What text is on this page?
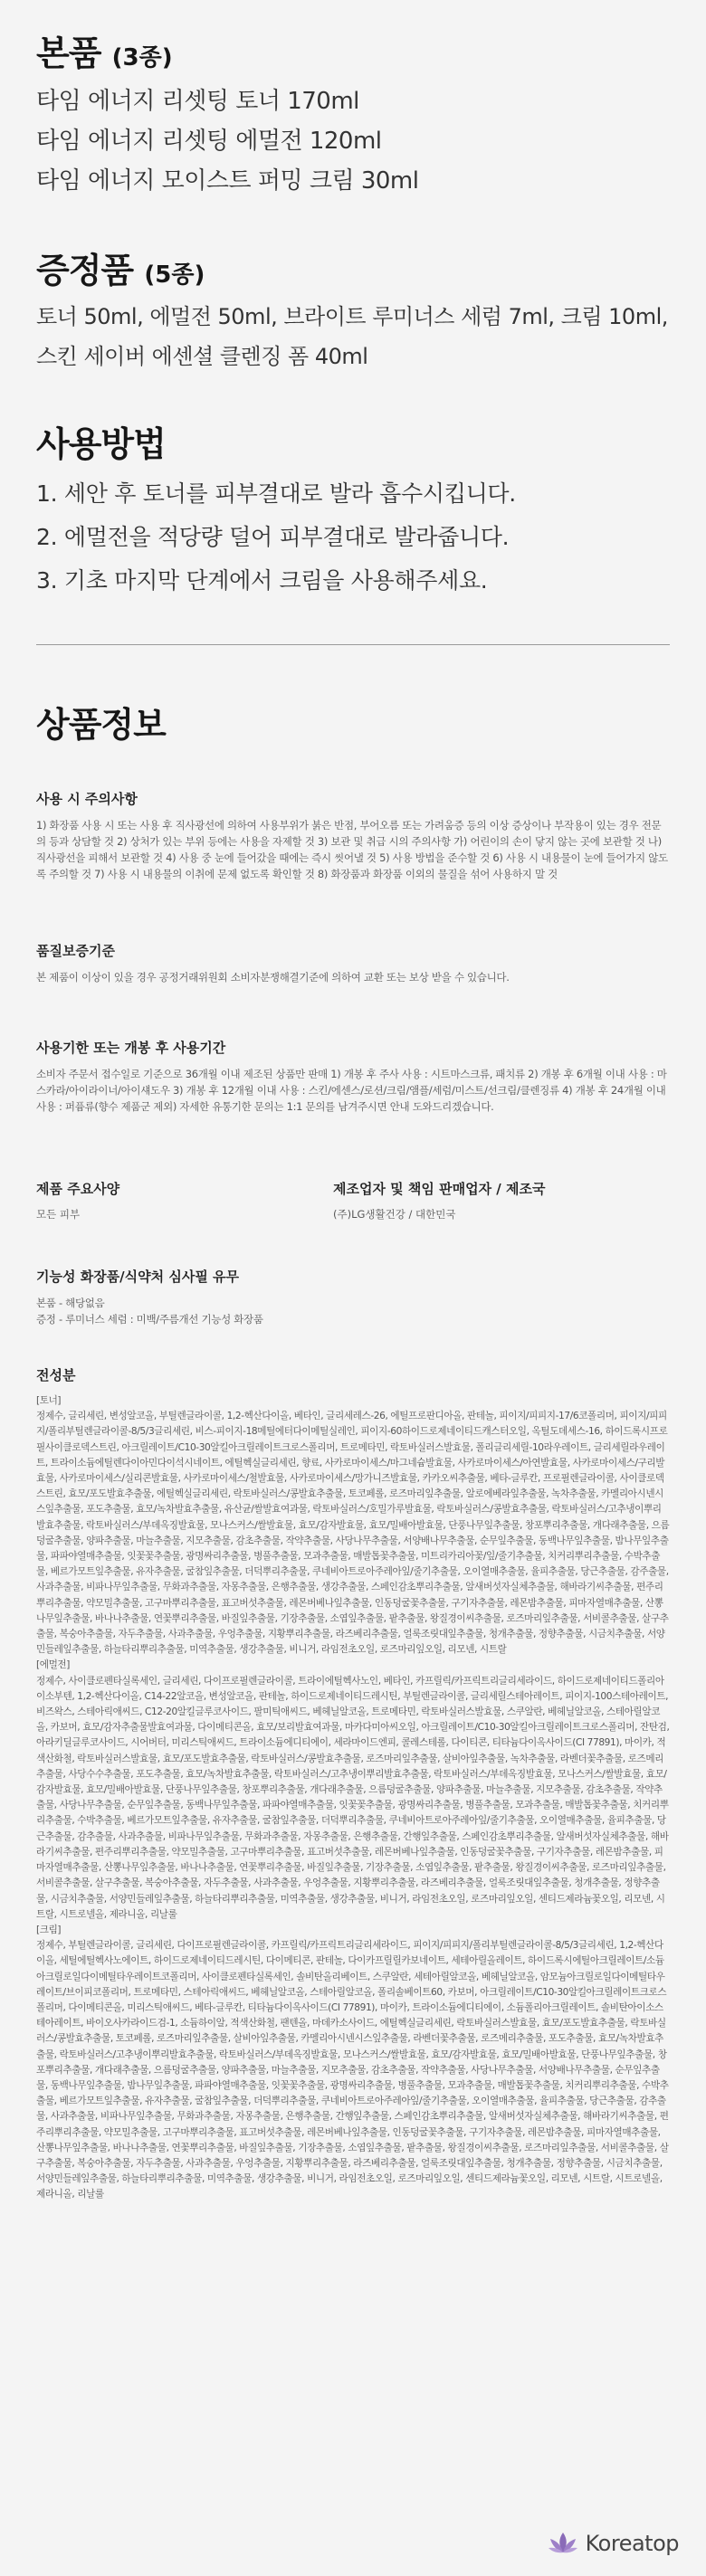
본품 (3종)
타임 에너지 리셋팅 토너 170ml
타임 에너지 리셋팅 에멀전 120ml
타임 에너지 모이스트 퍼밍 크림 30ml
증정품 (5종)
토너 50ml, 에멀전 50ml, 브라이트 루미너스 세럼 7ml, 크림 10ml, 스킨 세이버 에센셜 클렌징 폼 40ml
사용방법
1. 세안 후 토너를 피부결대로 발라 흡수시킵니다.
2. 에멀전을 적당량 덜어 피부결대로 발라줍니다.
3. 기초 마지막 단계에서 크림을 사용해주세요.
상품정보
사용 시 주의사항

1) 화장품 사용 시 또는 사용 후 직사광선에 의하여 사용부위가 붉은 반점, 부어오름 또는 가려움증 등의 이상 증상이나 부작용이 있는 경우 전문의 등과 상담할 것 2) 상처가 있는 부위 등에는 사용을 자제할 것 3) 보관 및 취급 시의 주의사항 가) 어린이의 손이 닿지 않는 곳에 보관할 것 나) 직사광선을 피해서 보관할 것 4) 사용 중 눈에 들어갔을 때에는 즉시 씻어낼 것 5) 사용 방법을 준수할 것 6) 사용 시 내용물이 눈에 들어가지 않도록 주의할 것 7) 사용 시 내용물의 이취에 문제 없도록 확인할 것 8) 화장품과 화장품 이외의 물질을 섞어 사용하지 말 것

품질보증기준

본 제품이 이상이 있을 경우 공정거래위원회 소비자분쟁해결기준에 의하여 교환 또는 보상 받을 수 있습니다.

사용기한 또는 개봉 후 사용기간

소비자 주문서 접수일로 기준으로 36개월 이내 제조된 상품만 판매 1) 개봉 후 주사 사용 : 시트마스크류, 패치류 2) 개봉 후 6개월 이내 사용 : 마스카라/아이라이너/아이섀도우 3) 개봉 후 12개월 이내 사용 : 스킨/에센스/로션/크림/앰플/세럼/미스트/선크림/클렌징류 4) 개봉 후 24개월 이내 사용 : 퍼퓸류(향수 제품군 제외) 자세한 유통기한 문의는 1:1 문의를 남겨주시면 안내 도와드리겠습니다.

제품 주요사양

모든 피부

제조업자 및 책임 판매업자 / 제조국

(주)LG생활건강 / 대한민국

기능성 화장품/식약처 심사필 유무

본품 - 해당없음
증정 - 루미너스 세럼 : 미백/주름개선 기능성 화장품

전성분

[토너]
정제수, 글리세린, 변성알코올, 부틸렌글라이콜, 1,2-헥산다이올, 베타인, 글리세레스-26, 에틸프로판디아올, 판테놀, 피이지/피피지-17/6코폴리머, 피이지/피피지/폴리부틸렌글라이콜-8/5/3글리세린, 비스-피이지-18메틸에터다이메틸실레인, 피이지-60하이드로제네이티드캐스터오일, 옥틸도데세스-16, 하이드록시프로필사이클로덱스트린, 아크릴레이트/C10-30알킬아크릴레이트크로스폴리머, 트로메타민, 락토바실러스발효물, 폴리글리세릴-10라우레이트, 글리세릴라우레이트, 트라이소듐에틸렌다이아민다이석시네이트, 에틸헥실글리세린, 향료, 사카로마이세스/마그네슘발효물, 사카로마이세스/아연발효물, 사카로마이세스/구리발효물, 사카로마이세스/실리콘발효물, 사카로마이세스/철발효물, 사카로마이세스/망가니즈발효물, 카카오씨추출물, 베타-글루칸, 프로필렌글라이콜, 사이클로덱스트린, 효모/포도발효추출물, 에틸헥실글리세린, 락토바실러스/콩발효추출물, 토코페롤, 로즈마리잎추출물, 알로에베라잎추출물, 녹차추출물, 카멜리아시넨시스잎추출물, 포도추출물, 효모/녹차발효추출물, 유산균/쌀발효여과물, 락토바실러스/호밀가루발효물, 락토바실러스/콩발효추출물, 락토바실러스/고추냉이뿌리발효추출물, 락토바실러스/부데옥징발효물, 모나스커스/쌀발효물, 효모/감자발효물, 효모/밀배아발효물, 단풍나무잎추출물, 창포뿌리추출물, 개다래추출물, 으름덩굴추출물, 양파추출물, 마늘추출물, 지모추출물, 감초추출물, 작약추출물, 사당나무추출물, 서양배나무추출물, 순무잎추출물, 동백나무잎추출물, 밤나무잎추출물, 파파야열매추출물, 잇꽃꽃추출물, 광명싸리추출물, 병풀추출물, 모과추출물, 매발톱꽃추출물, 미트리카리아꽃/잎/줄기추출물, 치커리뿌리추출물, 수박추출물, 베르가모트잎추출물, 유자추출물, 굴참잎추출물, 더덕뿌리추출물, 쿠네비아트로아주레아잎/줄기추출물, 오이열매추출물, 율피추출물, 당근추출물, 감주출물, 사과추출물, 비파나무잎추출물, 무화과추출물, 자몽추출물, 은행추출물, 생강추출물, 스페인감초뿌리추출물, 알새버섯자실체추출물, 해바라기씨추출물, 편주리뿌리추출물, 약모밀추출물, 고구마뿌리추출물, 표고버섯추출물, 레몬버베나잎추출물, 인동덩굴꽃추출물, 구기자추출물, 레몬밤추출물, 피마자열매추출물, 산뽕나무잎추출물, 바나나추출물, 연꽃뿌리추출물, 바질잎추출물, 기장추출물, 소엽잎추출물, 팥추출물, 왕질경이씨추출물, 로즈마리잎추출물, 서비콜추출물, 살구추출물, 복숭아추출물, 자두추출물, 사과추출물, 우엉추출물, 지황뿌리추출물, 라즈베리추출물, 얼룩조릿대잎추출물, 청개추출물, 정향추출물, 시금치추출물, 서양민들레잎추출물, 하늘타리뿌리추출물, 미역추출물, 생강추출물, 비니거, 라임전초오일, 로즈마리잎오일, 리모넨, 시트랄
[에멀전]
정제수, 사이클로펜타실록세인, 글리세린, 다이프로필렌글라이콜, 트라이에틸헥사노인, 베타인, 카프릴릭/카프릭트리글리세라이드, 하이드로제네이티드폴리아이소부텐, 1,2-헥산다이올, C14-22알코올, 변성알코올, 판테놀, 하이드로제네이티드레시틴, 부틸렌글라이콜, 글리세릴스테아레이트, 피이지-100스테아레이트, 비즈왁스, 스테아릭애씨드, C12-20알킬글루코사이드, 팔미틱애씨드, 베헤닐알코올, 트로메타민, 락토바실러스발효물, 스쿠알란, 베헤닐알코올, 스테아릴알코올, 카보머, 효모/감자추출물발효여과물, 다이메티콘올, 효모/보리발효여과물, 마카다미아씨오일, 아크릴레이트/C10-30알킬아크릴레이트크로스폴리머, 잔탄검, 아라키딜글루코사이드, 시어버터, 미리스틱애씨드, 트라이소듐에디티에이, 세라마이드엔피, 콜레스테롤, 다이티콘, 티타늄다이옥사이드(CI 77891), 마이카, 적색산화철, 락토바실러스발효물, 효모/포도발효추출물, 락토바실러스/콩발효추출물, 로즈마리잎추출물, 살비아잎추출물, 녹차추출물, 라벤더꽃추출물, 로즈메리추출물, 사당수수추출물, 포도추출물, 효모/녹차발효추출물, 락토바실러스/고추냉이뿌리발효추출물, 락토바실러스/부데옥징발효물, 모나스커스/쌀발효물, 효모/감자발효물, 효모/밀배아발효물, 단풍나무잎추출물, 창포뿌리추출물, 개다래추출물, 으름덩굴추출물, 양파추출물, 마늘추출물, 지모추출물, 감초추출물, 작약추출물, 사당나무추출물, 순무잎추출물, 동백나무잎추출물, 파파야열매추출물, 잇꽃꽃추출물, 광명싸리추출물, 병풀추출물, 모과추출물, 매발톱꽃추출물, 치커리뿌리추출물, 수박추출물, 베르가모트잎추출물, 유자추출물, 굴참잎추출물, 더덕뿌리추출물, 쿠네비아트로아주레아잎/줄기추출물, 오이열매추출물, 율피추출물, 당근추출물, 감추출물, 사과추출물, 비파나무잎추출물, 무화과추출물, 자몽추출물, 은행추출물, 간행잎추출물, 스페인감초뿌리추출물, 알새버섯자실체추출물, 해바라기씨추출물, 편주리뿌리추출물, 약모밀추출물, 고구마뿌리추출물, 표고버섯추출물, 레몬버베나잎추출물, 인동덩굴꽃추출물, 구기자추출물, 레몬밤추출물, 피마자열매추출물, 산뽕나무잎추출물, 바나나추출물, 연꽃뿌리추출물, 바질잎추출물, 기장추출물, 소엽잎추출물, 팥추출물, 왕질경이씨추출물, 로즈마리잎추출물, 서비콜추출물, 살구추출물, 복숭아추출물, 자두추출물, 사과추출물, 우엉추출물, 지황뿌리추출물, 라즈베리추출물, 얼룩조릿대잎추출물, 청개추출물, 정향추출물, 시금치추출물, 서양민들레잎추출물, 하늘타리뿌리추출물, 미역추출물, 생강추출물, 비니거, 라임전초오일, 로즈마리잎오일, 센티드제라늄꽃오일, 리모넨, 시트랄, 시트로넬올, 제라니올, 리날룰
[크림]
정제수, 부틸렌글라이콜, 글리세린, 다이프로필렌글라이콜, 카프릴릭/카프릭트리글리세라이드, 피이지/피피지/폴리부틸렌글라이콜-8/5/3글리세린, 1,2-헥산다이올, 세틸에틸헥사노에이트, 하이드로제네이티드레시틴, 다이메티콘, 판테놀, 다이카프릴릴카보네이트, 세테아릴올레이트, 하이드록시에틸아크릴레이트/소듐아크릴로일다이메틸타우레이트코폴리머, 사이클로펜타실록세인, 솔비탄올리베이트, 스쿠알란, 세테아릴알코올, 베헤닐알코올, 암모늄아크릴로일다이메틸타우레이트/브이피코폴리머, 트로메타민, 스테아릭애씨드, 베헤닐알코올, 스테아릴알코올, 폴리솔베이트60, 카보머, 아크릴레이트/C10-30알킬아크릴레이트크로스폴리머, 다이메티콘올, 미리스틱애씨드, 베타-글루칸, 티타늄다이옥사이드(CI 77891), 마이카, 트라이소듐에디티에이, 소듐폴리아크릴레이트, 솔비탄아이소스테아레이트, 바이오사카라이드검-1, 소듐하이알, 적색산화철, 팬텐올, 마데카소사이드, 에틸헥실글리세린, 락토바실러스발효물, 효모/포도발효추출물, 락토바실러스/콩발효추출물, 토코페롤, 로즈마리잎추출물, 살비아잎추출물, 카멜리아시넨시스잎추출물, 라벤더꽃추출물, 로즈메리추출물, 포도추출물, 효모/녹차발효추출물, 락토바실러스/고추냉이뿌리발효추출물, 락토바실러스/부데옥징발효물, 모나스커스/쌀발효물, 효모/감자발효물, 효모/밀배아발효물, 단풍나무잎추출물, 창포뿌리추출물, 개다래추출물, 으름덩굴추출물, 양파추출물, 마늘추출물, 지모추출물, 감초추출물, 작약추출물, 사당나무추출물, 서양배나무추출물, 순무잎추출물, 동백나무잎추출물, 밤나무잎추출물, 파파야열매추출물, 잇꽃꽃추출물, 광명싸리추출물, 병풀추출물, 모과추출물, 매발톱꽃추출물, 치커리뿌리추출물, 수박추출물, 베르가모트잎추출물, 유자추출물, 굴참잎추출물, 더덕뿌리추출물, 쿠네비아트로아주레아잎/줄기추출물, 오이열매추출물, 율피추출물, 당근추출물, 감추출물, 사과추출물, 비파나무잎추출물, 무화과추출물, 자몽추출물, 은행추출물, 간행잎추출물, 스페인감초뿌리추출물, 알새버섯자실체추출물, 해바라기씨추출물, 편주리뿌리추출물, 약모밀추출물, 고구마뿌리추출물, 표고버섯추출물, 레몬버베나잎추출물, 인동덩굴꽃추출물, 구기자추출물, 레몬밤추출물, 피마자열매추출물, 산뽕나무잎추출물, 바나나추출물, 연꽃뿌리추출물, 바질잎추출물, 기장추출물, 소엽잎추출물, 팥추출물, 왕질경이씨추출물, 로즈마리잎추출물, 서비콜추출물, 살구추출물, 복숭아추출물, 자두추출물, 사과추출물, 우엉추출물, 지황뿌리추출물, 라즈베리추출물, 얼룩조릿대잎추출물, 청개추출물, 정향추출물, 시금치추출물, 서양민들레잎추출물, 하늘타리뿌리추출물, 미역추출물, 생강추출물, 비니거, 라임전초오일, 로즈마리잎오일, 센티드제라늄꽃오일, 리모넨, 시트랄, 시트로넬올, 제라니올, 리날룰

Koreatop
